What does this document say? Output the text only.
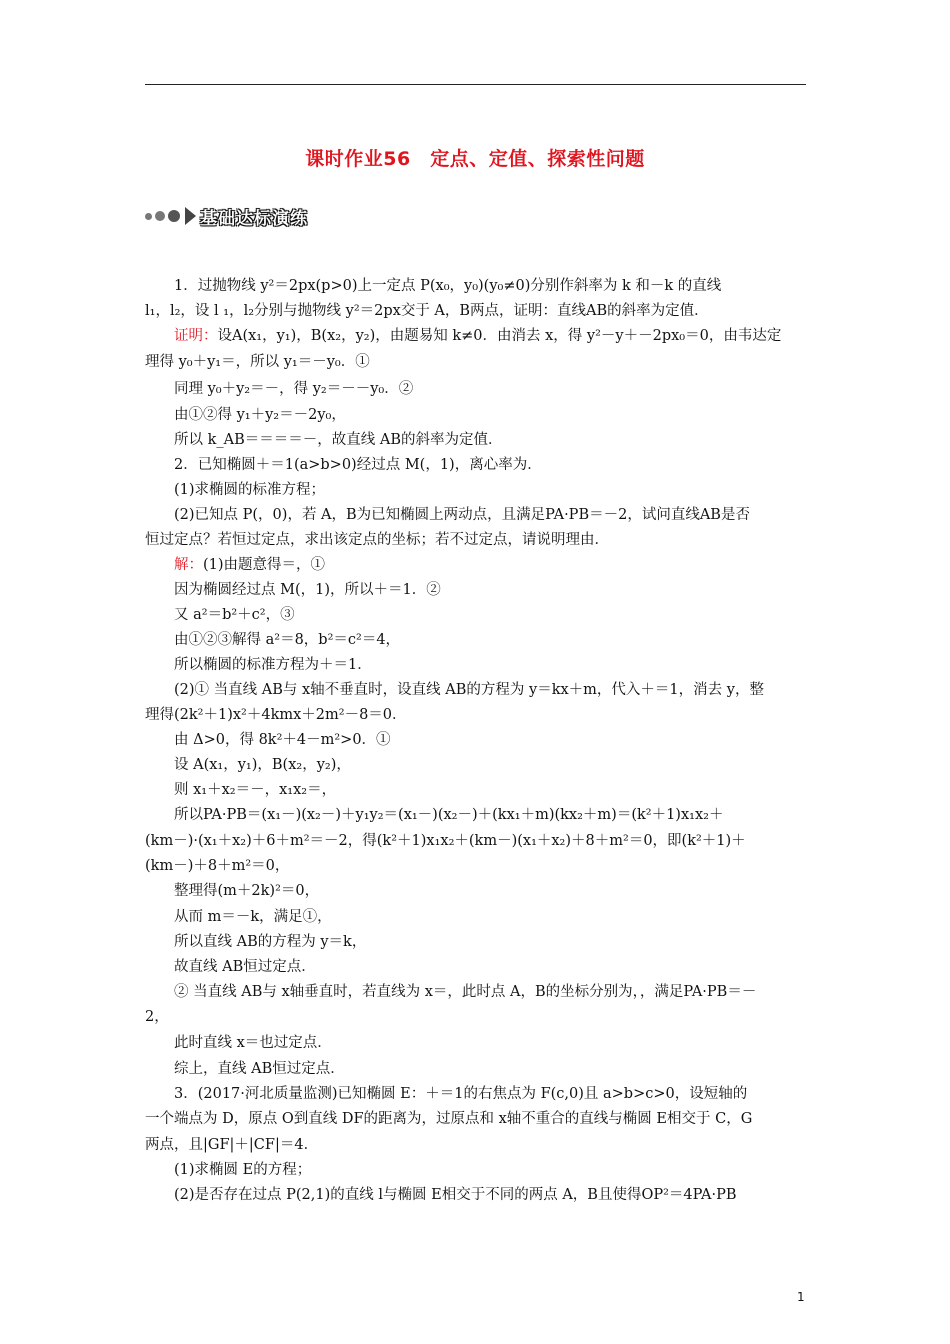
课时作业56　定点、定值、探索性问题
基础达标演练
1．过抛物线 y²＝2px(p>0)上一定点 P(x₀，y₀)(y₀≠0)分别作斜率为 k 和－k 的直线
l₁，l₂，设 l ₁，l₂分别与抛物线 y²＝2px交于 A，B两点，证明：直线AB的斜率为定值．
证明：设A(x₁，y₁)，B(x₂，y₂)，由题易知 k≠0．由消去 x，得 y²－y＋－2px₀＝0，由韦达定
理得 y₀＋y₁＝，所以 y₁＝－y₀．①
同理 y₀＋y₂＝－，得 y₂＝－－y₀．②
由①②得 y₁＋y₂＝－2y₀，
所以 k_AB＝＝＝＝－，故直线 AB的斜率为定值．
2．已知椭圆＋＝1(a>b>0)经过点 M(，1)，离心率为．
(1)求椭圆的标准方程；
(2)已知点 P(，0)，若 A，B为已知椭圆上两动点，且满足PA·PB＝－2，试问直线AB是否
恒过定点？若恒过定点，求出该定点的坐标；若不过定点，请说明理由．
解：(1)由题意得＝，①
因为椭圆经过点 M(，1)，所以＋＝1．②
又 a²＝b²＋c²，③
由①②③解得 a²＝8，b²＝c²＝4，
所以椭圆的标准方程为＋＝1．
(2)① 当直线 AB与 x轴不垂直时，设直线 AB的方程为 y＝kx＋m，代入＋＝1，消去 y，整
理得(2k²＋1)x²＋4kmx＋2m²－8＝0．
由 Δ>0，得 8k²＋4－m²>0．①
设 A(x₁，y₁)，B(x₂，y₂)，
则 x₁＋x₂＝－，x₁x₂＝，
所以PA·PB＝(x₁－)(x₂－)＋y₁y₂＝(x₁－)(x₂－)＋(kx₁＋m)(kx₂＋m)＝(k²＋1)x₁x₂＋
(km－)·(x₁＋x₂)＋6＋m²＝－2，得(k²＋1)x₁x₂＋(km－)(x₁＋x₂)＋8＋m²＝0，即(k²＋1)＋
(km－)＋8＋m²＝0，
整理得(m＋2k)²＝0，
从而 m＝－k，满足①，
所以直线 AB的方程为 y＝k，
故直线 AB恒过定点．
② 当直线 AB与 x轴垂直时，若直线为 x＝，此时点 A，B的坐标分别为，，满足PA·PB＝－
2，
此时直线 x＝也过定点．
综上，直线 AB恒过定点．
3．(2017·河北质量监测)已知椭圆 E：＋＝1的右焦点为 F(c,0)且 a>b>c>0，设短轴的
一个端点为 D，原点 O到直线 DF的距离为，过原点和 x轴不重合的直线与椭圆 E相交于 C，G
两点，且|GF|＋|CF|＝4．
(1)求椭圆 E的方程；
(2)是否存在过点 P(2,1)的直线 l与椭圆 E相交于不同的两点 A，B且使得OP²＝4PA·PB
1
